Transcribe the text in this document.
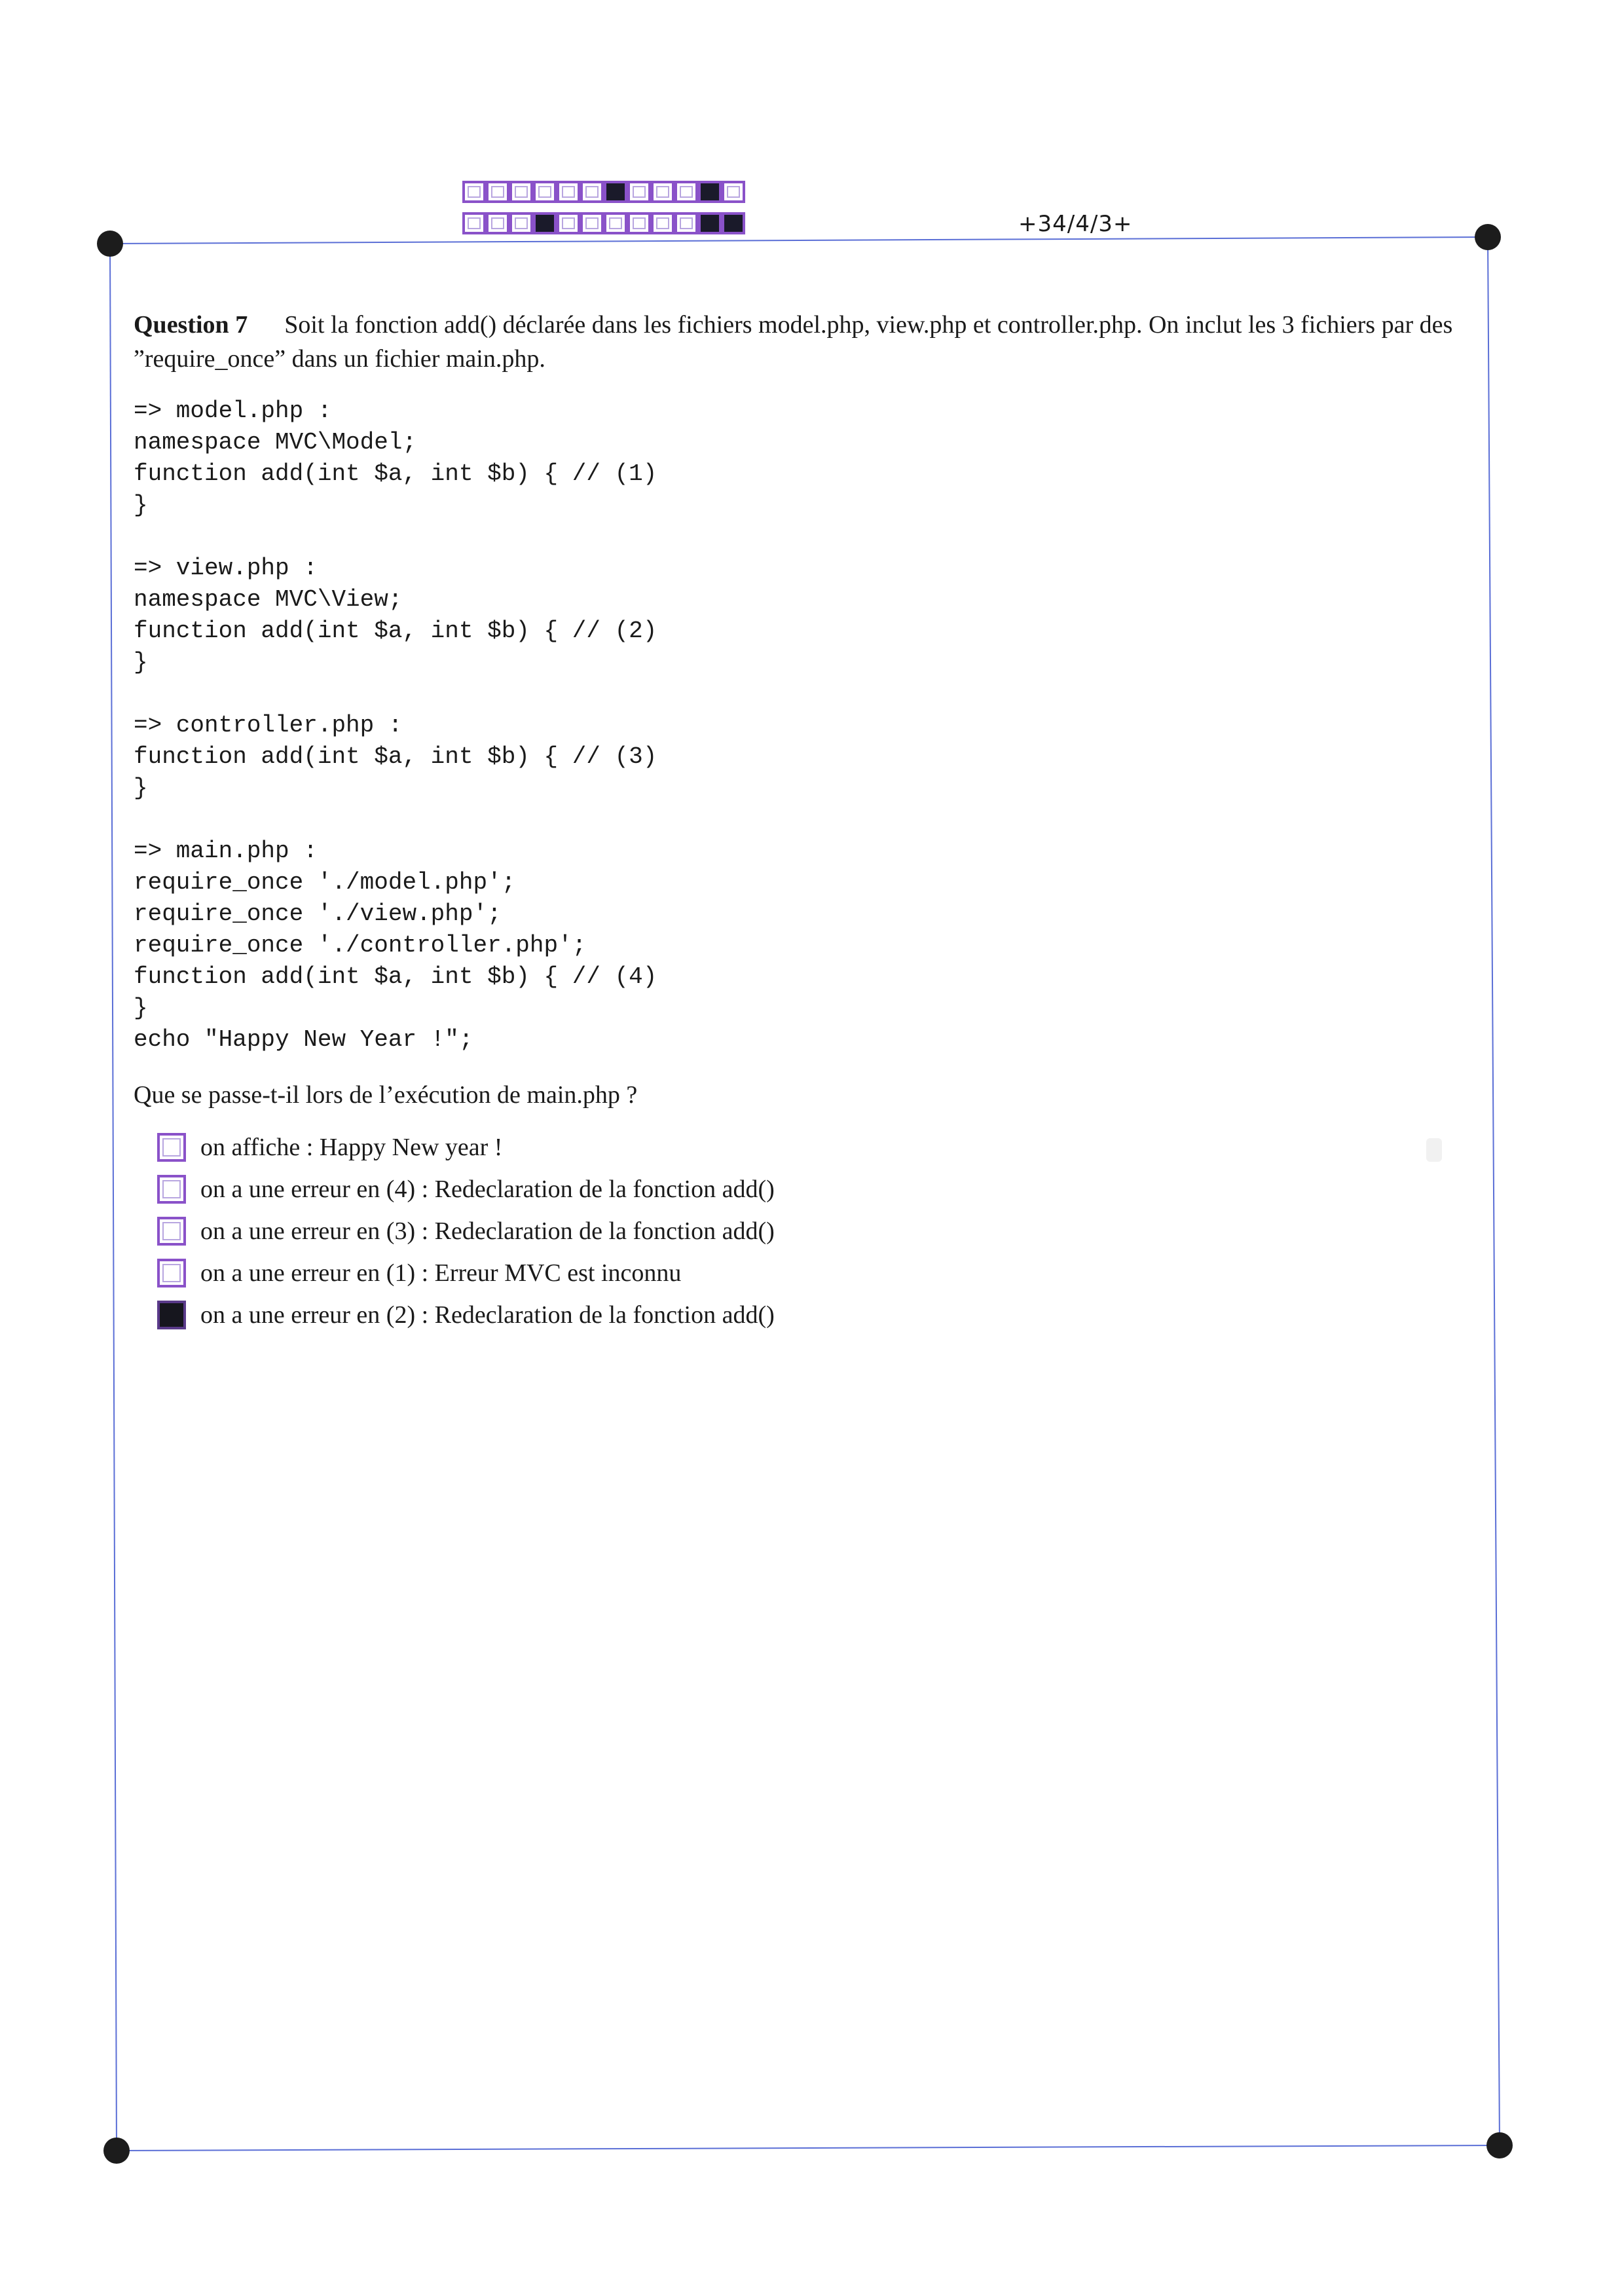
+34/4/3+

Question 7 Soit la fonction add() déclarée dans les fichiers model.php, view.php et controller.php. On inclut les 3 fichiers par des ”require_once” dans un fichier main.php.

=> model.php :
namespace MVC\Model;
function add(int $a, int $b) { // (1)
}
=> view.php :
namespace MVC\View;
function add(int $a, int $b) { // (2)
}
=> controller.php :
function add(int $a, int $b) { // (3)
}
=> main.php :
require_once './model.php';
require_once './view.php';
require_once './controller.php';
function add(int $a, int $b) { // (4)
}
echo "Happy New Year !";

Que se passe-t-il lors de l’exécution de main.php ?

on affiche : Happy New year !
on a une erreur en (4) : Redeclaration de la fonction add()
on a une erreur en (3) : Redeclaration de la fonction add()
on a une erreur en (1) : Erreur MVC est inconnu
on a une erreur en (2) : Redeclaration de la fonction add()
